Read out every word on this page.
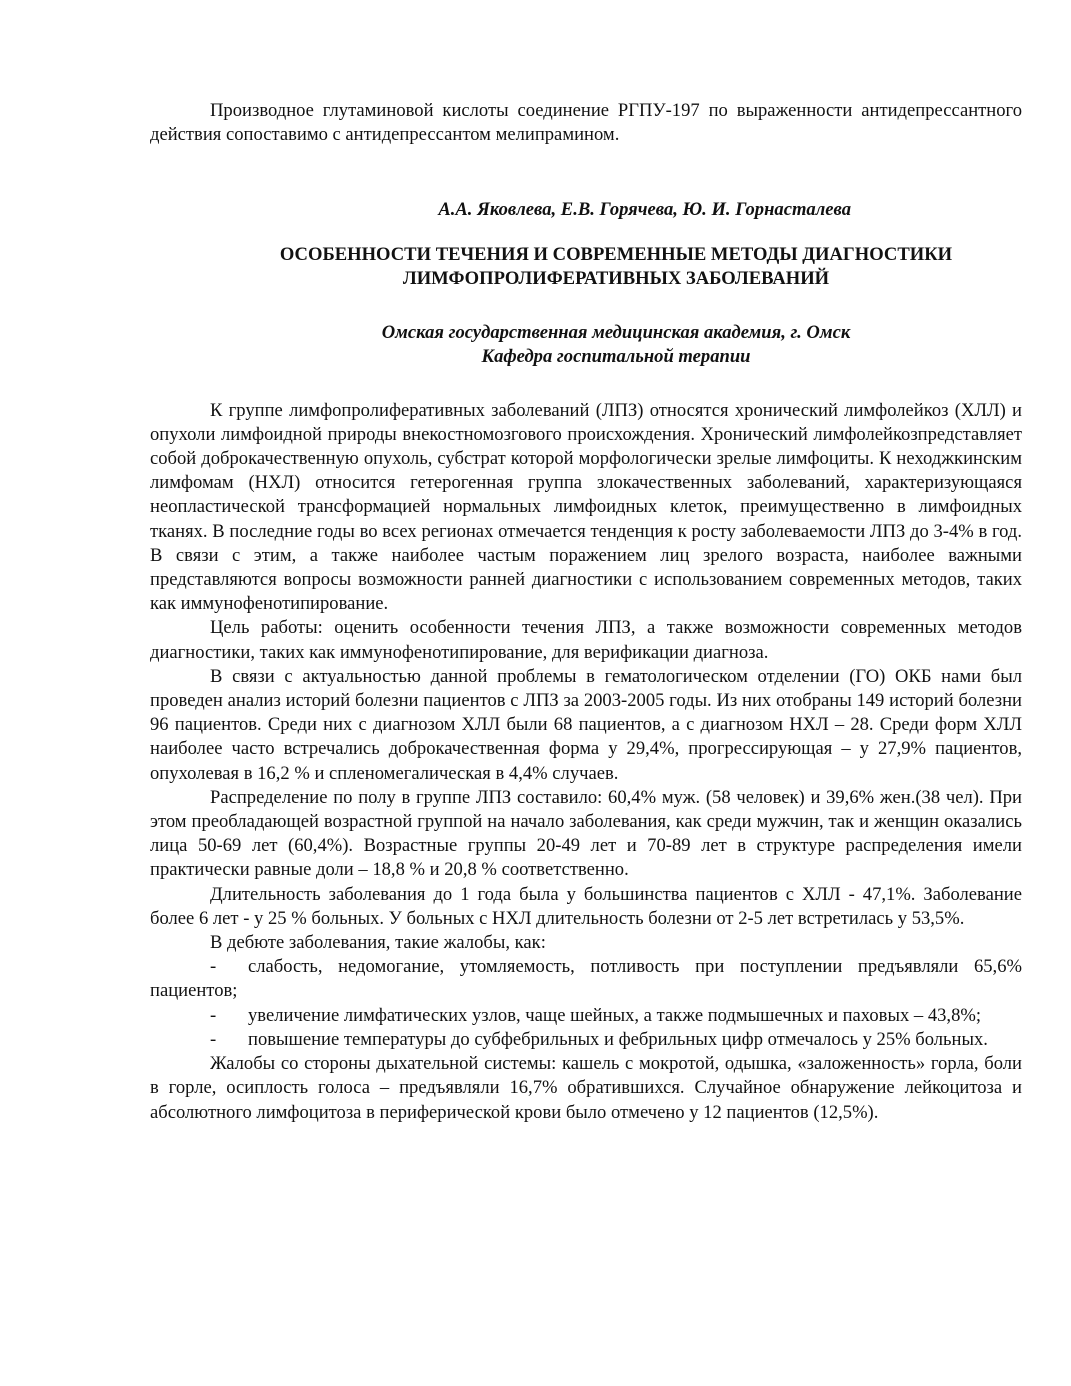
Производное глутаминовой кислоты соединение РГПУ-197 по выраженности антидепрессантного действия сопоставимо с антидепрессантом мелипрамином.

А.А. Яковлева, Е.В. Горячева, Ю. И. Горнасталева

ОСОБЕННОСТИ ТЕЧЕНИЯ И СОВРЕМЕННЫЕ МЕТОДЫ ДИАГНОСТИКИ
ЛИМФОПРОЛИФЕРАТИВНЫХ ЗАБОЛЕВАНИЙ
Омская государственная медицинская академия, г. Омск
Кафедра госпитальной терапии

К группе лимфопролиферативных заболеваний (ЛПЗ) относятся хронический лимфолейкоз (ХЛЛ) и опухоли лимфоидной природы внекостномозгового происхождения. Хронический лимфолейкозпредставляет собой доброкачественную опухоль, субстрат которой морфологически зрелые лимфоциты. К неходжкинским лимфомам (НХЛ) относится гетерогенная группа злокачественных заболеваний, характеризующаяся неопластической трансформацией нормальных лимфоидных клеток, преимущественно в лимфоидных тканях. В последние годы во всех регионах отмечается тенденция к росту заболеваемости ЛПЗ до 3-4% в год. В связи с этим, а также наиболее частым поражением лиц зрелого возраста, наиболее важными представляются вопросы возможности ранней диагностики с использованием современных методов, таких как иммунофенотипирование.

Цель работы: оценить особенности течения ЛПЗ, а также возможности современных методов диагностики, таких как иммунофенотипирование, для верификации диагноза.

В связи с актуальностью данной проблемы в гематологическом отделении (ГО) ОКБ нами был проведен анализ историй болезни пациентов с ЛПЗ за 2003-2005 годы. Из них отобраны 149 историй болезни 96 пациентов. Среди них с диагнозом ХЛЛ были 68 пациентов, а с диагнозом НХЛ – 28. Среди форм ХЛЛ наиболее часто встречались доброкачественная форма у 29,4%, прогрессирующая – у 27,9% пациентов, опухолевая в 16,2 % и спленомегалическая в 4,4% случаев.

Распределение по полу в группе ЛПЗ составило: 60,4% муж. (58 человек) и 39,6% жен.(38 чел). При этом преобладающей возрастной группой на начало заболевания, как среди мужчин, так и женщин оказались лица 50-69 лет (60,4%). Возрастные группы 20-49 лет и 70-89 лет в структуре распределения имели практически равные доли – 18,8 % и 20,8 % соответственно.

Длительность заболевания до 1 года была у большинства пациентов с ХЛЛ - 47,1%. Заболевание более 6 лет - у 25 % больных. У больных с НХЛ длительность болезни от 2-5 лет встретилась у 53,5%.

В дебюте заболевания, такие жалобы, как:

- слабость, недомогание, утомляемость, потливость при поступлении предъявляли 65,6% пациентов;

- увеличение лимфатических узлов, чаще шейных, а также подмышечных и паховых – 43,8%;

- повышение температуры до субфебрильных и фебрильных цифр отмечалось у 25% больных.

Жалобы со стороны дыхательной системы: кашель с мокротой, одышка, «заложенность» горла, боли в горле, осиплость голоса – предъявляли 16,7% обратившихся. Случайное обнаружение лейкоцитоза и абсолютного лимфоцитоза в периферической крови было отмечено у 12 пациентов (12,5%).
